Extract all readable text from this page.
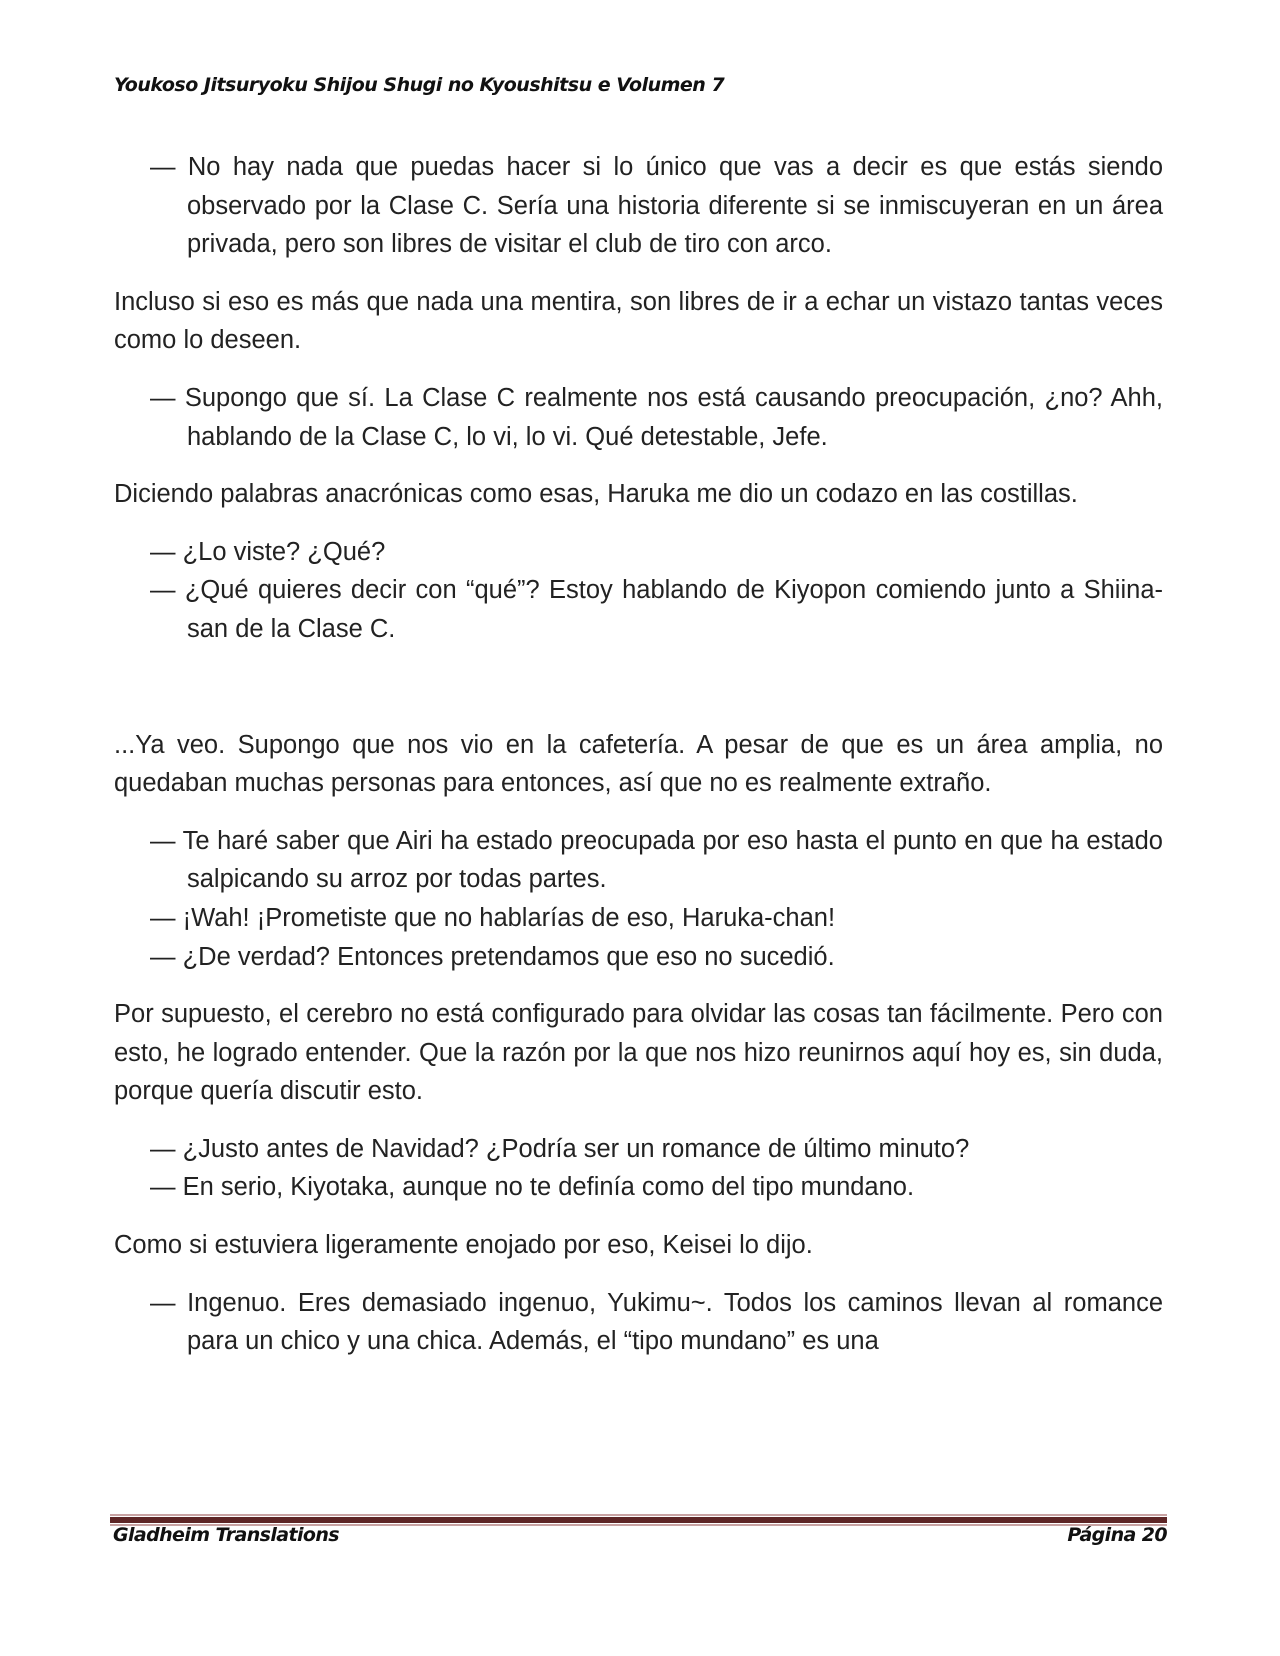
Youkoso Jitsuryoku Shijou Shugi no Kyoushitsu e Volumen 7

— No hay nada que puedas hacer si lo único que vas a decir es que estás siendo observado por la Clase C. Sería una historia diferente si se inmiscuyeran en un área privada, pero son libres de visitar el club de tiro con arco.

Incluso si eso es más que nada una mentira, son libres de ir a echar un vistazo tantas veces como lo deseen.

— Supongo que sí. La Clase C realmente nos está causando preocupación, ¿no? Ahh, hablando de la Clase C, lo vi, lo vi. Qué detestable, Jefe.

Diciendo palabras anacrónicas como esas, Haruka me dio un codazo en las costillas.

— ¿Lo viste? ¿Qué?

— ¿Qué quieres decir con “qué”? Estoy hablando de Kiyopon comiendo junto a Shiina-san de la Clase C.

...Ya veo. Supongo que nos vio en la cafetería. A pesar de que es un área amplia, no quedaban muchas personas para entonces, así que no es realmente extraño.

— Te haré saber que Airi ha estado preocupada por eso hasta el punto en que ha estado salpicando su arroz por todas partes.

— ¡Wah! ¡Prometiste que no hablarías de eso, Haruka-chan!

— ¿De verdad? Entonces pretendamos que eso no sucedió.

Por supuesto, el cerebro no está configurado para olvidar las cosas tan fácilmente. Pero con esto, he logrado entender. Que la razón por la que nos hizo reunirnos aquí hoy es, sin duda, porque quería discutir esto.

— ¿Justo antes de Navidad? ¿Podría ser un romance de último minuto?

— En serio, Kiyotaka, aunque no te definía como del tipo mundano.

Como si estuviera ligeramente enojado por eso, Keisei lo dijo.

— Ingenuo. Eres demasiado ingenuo, Yukimu~. Todos los caminos llevan al romance para un chico y una chica. Además, el “tipo mundano” es una

Gladheim Translations	Página 20
